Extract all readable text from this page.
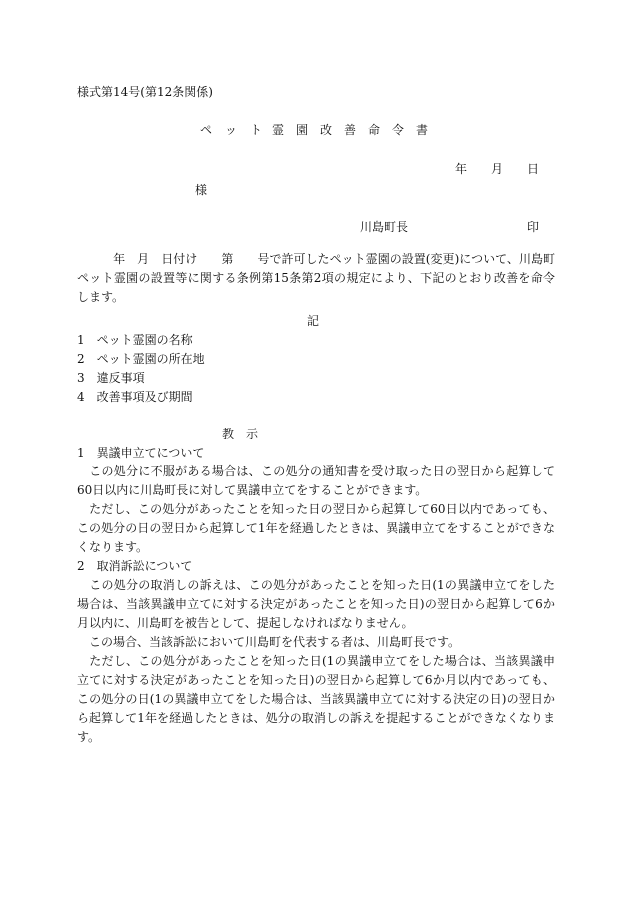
様式第14号(第12条関係)
ペ ッ ト 霊 園 改 善 命 令 書
年 月 日
様
川島町長	印
　　　年　月　日付け　　第　　号で許可したペット霊園の設置(変更)について、川島町ペット霊園の設置等に関する条例第15条第2項の規定により、下記のとおり改善を命令します。
記
1　ペット霊園の名称
2　ペット霊園の所在地
3　違反事項
4　改善事項及び期間
教　示
1　異議申立てについて
　この処分に不服がある場合は、この処分の通知書を受け取った日の翌日から起算して60日以内に川島町長に対して異議申立てをすることができます。
　ただし、この処分があったことを知った日の翌日から起算して60日以内であっても、この処分の日の翌日から起算して1年を経過したときは、異議申立てをすることができなくなります。
2　取消訴訟について
　この処分の取消しの訴えは、この処分があったことを知った日(1の異議申立てをした場合は、当該異議申立てに対する決定があったことを知った日)の翌日から起算して6か月以内に、川島町を被告として、提起しなければなりません。
　この場合、当該訴訟において川島町を代表する者は、川島町長です。
　ただし、この処分があったことを知った日(1の異議申立てをした場合は、当該異議申立てに対する決定があったことを知った日)の翌日から起算して6か月以内であっても、この処分の日(1の異議申立てをした場合は、当該異議申立てに対する決定の日)の翌日から起算して1年を経過したときは、処分の取消しの訴えを提起することができなくなります。
